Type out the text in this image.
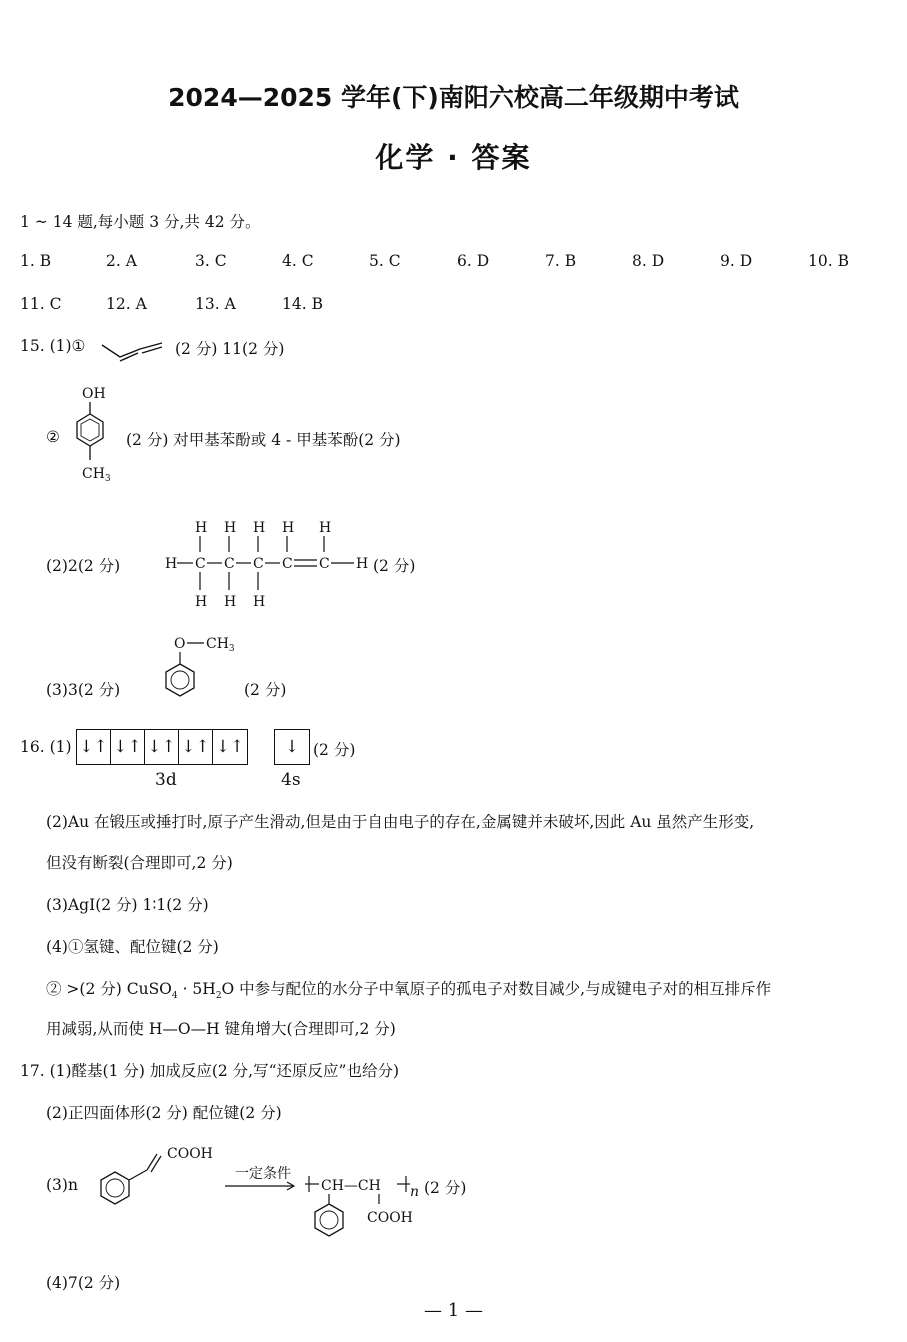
2024—2025 学年(下)南阳六校高二年级期中考试
化学 · 答案
1 ~ 14 题,每小题 3 分,共 42 分。
1. B	2. A	3. C	4. C	5. C	6. D	7. B	8. D	9. D	10. B
11. C	12. A	13. A	14. B
15. (1)①	(2 分) 11(2 分)
②
OH
$CH_3$
(2 分) 对甲基苯酚或 4 - 甲基苯酚(2 分)
(2)2(2 分)
H H H H H
H	H
H H H
C C C C C	(2 分)
(3)3(2 分)
O $CH_3$
(2 分)
16. (1) ↓↑ ↓↑ ↓↑ ↓↑ ↓↑	↓ (2 分)
3d	4s
(2)Au 在锻压或捶打时,原子产生滑动,但是由于自由电子的存在,金属键并未破坏,因此 Au 虽然产生形变,
但没有断裂(合理即可,2 分)
(3)AgI(2 分) 1∶1(2 分)
(4)①氢键、配位键(2 分)
② >(2 分) CuSO$_4$ · $5H_2O$ 中参与配位的水分子中氧原子的孤电子对数目减少,与成键电子对的相互排斥作
用减弱,从而使 H—O—H 键角增大(合理即可,2 分)
17. (1)醛基(1 分) 加成反应(2 分,写“还原反应”也给分)
(2)正四面体形(2 分) 配位键(2 分)
(3)n
COOH
一定条件
CH—CH n
COOH
(2 分)
(4)7(2 分)
— 1 —
